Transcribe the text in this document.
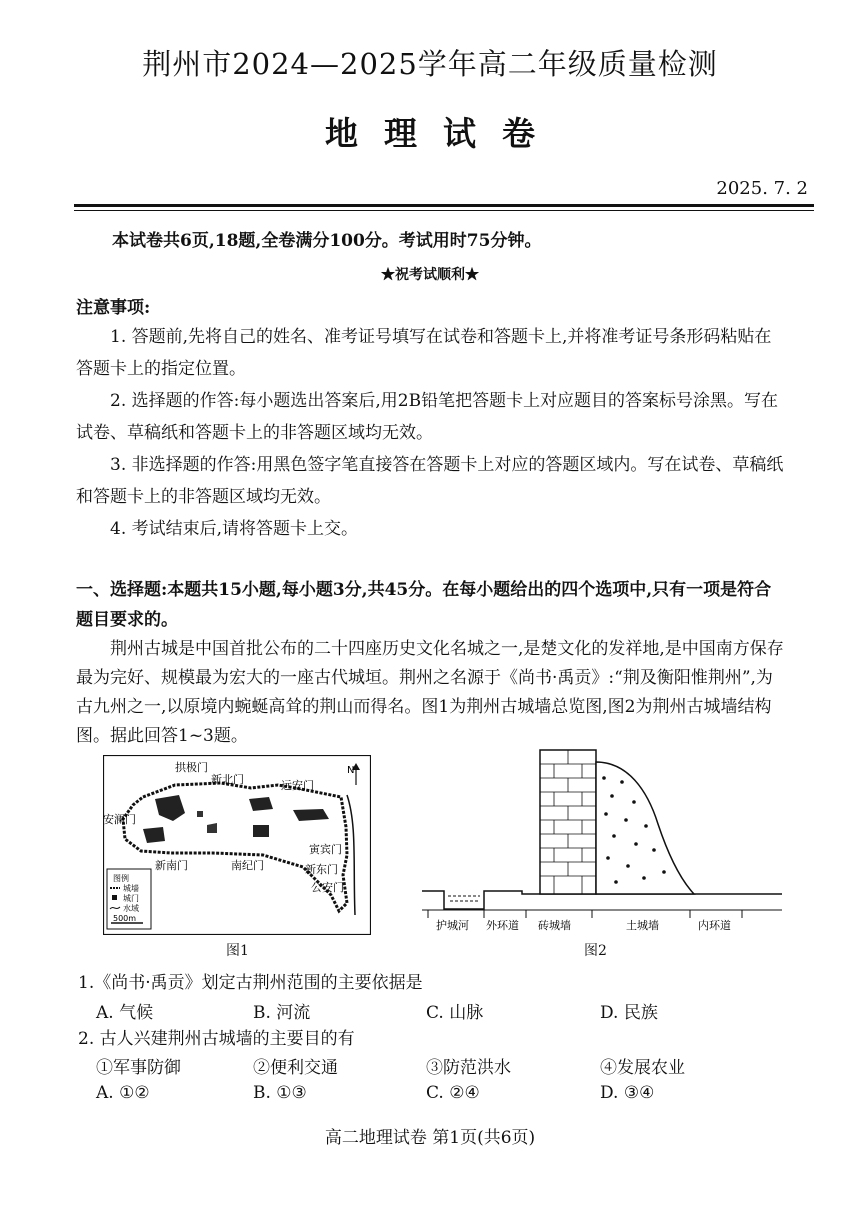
荆州市2024—2025学年高二年级质量检测
地理试卷
2025. 7. 2
本试卷共6页,18题,全卷满分100分。考试用时75分钟。
★祝考试顺利★
注意事项:
1. 答题前,先将自己的姓名、准考证号填写在试卷和答题卡上,并将准考证号条形码粘贴在答题卡上的指定位置。
2. 选择题的作答:每小题选出答案后,用2B铅笔把答题卡上对应题目的答案标号涂黑。写在试卷、草稿纸和答题卡上的非答题区域均无效。
3. 非选择题的作答:用黑色签字笔直接答在答题卡上对应的答题区域内。写在试卷、草稿纸和答题卡上的非答题区域均无效。
4. 考试结束后,请将答题卡上交。
一、选择题:本题共15小题,每小题3分,共45分。在每小题给出的四个选项中,只有一项是符合题目要求的。
荆州古城是中国首批公布的二十四座历史文化名城之一,是楚文化的发祥地,是中国南方保存最为完好、规模最为宏大的一座古代城垣。荆州之名源于《尚书·禹贡》:“荆及衡阳惟荆州”,为古九州之一,以原境内蜿蜒高耸的荆山而得名。图1为荆州古城墙总览图,图2为荆州古城墙结构图。据此回答1~3题。
拱极门
新北门	远安门
安澜门
寅宾门
新东门
新南门	南纪门
公安门
N
图例
城墙
城门
水域
500m
图1
护城河 外环道 砖城墙	土城墙	内环道
图2
1.《尚书·禹贡》划定古荆州范围的主要依据是
A. 气候	B. 河流	C. 山脉	D. 民族
2. 古人兴建荆州古城墙的主要目的有
①军事防御	②便利交通	③防范洪水	④发展农业
A. ①②	B. ①③	C. ②④	D. ③④
高二地理试卷 第1页(共6页)
